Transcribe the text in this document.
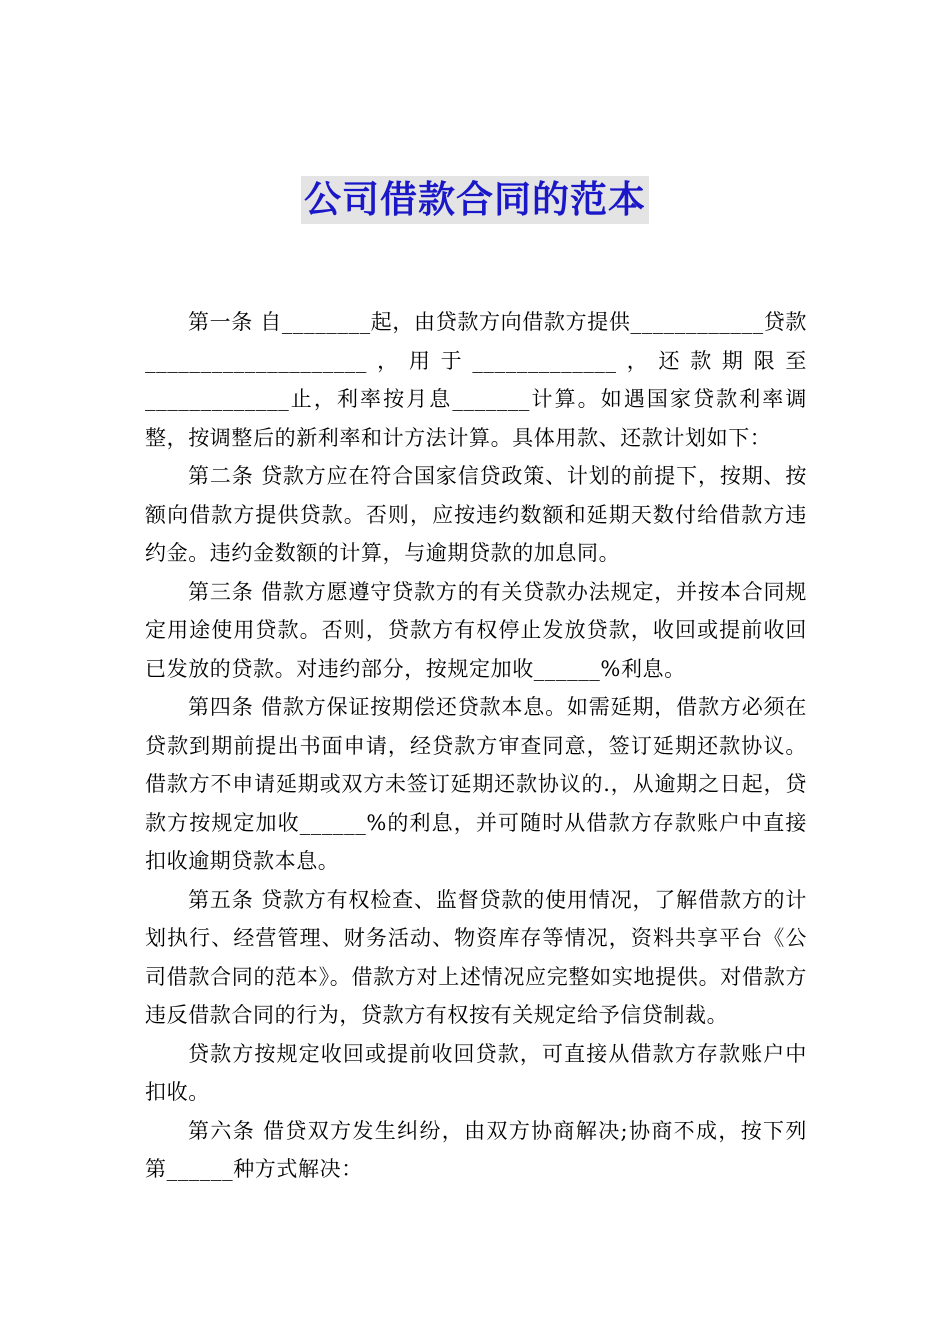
公司借款合同的范本

第一条 自________起，由贷款方向借款方提供____________贷款____________________，用于_____________，还款期限至_____________止，利率按月息_______计算。如遇国家贷款利率调整，按调整后的新利率和计方法计算。具体用款、还款计划如下：

第二条 贷款方应在符合国家信贷政策、计划的前提下，按期、按额向借款方提供贷款。否则，应按违约数额和延期天数付给借款方违约金。违约金数额的计算，与逾期贷款的加息同。

第三条 借款方愿遵守贷款方的有关贷款办法规定，并按本合同规定用途使用贷款。否则，贷款方有权停止发放贷款，收回或提前收回已发放的贷款。对违约部分，按规定加收______%利息。

第四条 借款方保证按期偿还贷款本息。如需延期，借款方必须在贷款到期前提出书面申请，经贷款方审查同意，签订延期还款协议。借款方不申请延期或双方未签订延期还款协议的.，从逾期之日起，贷款方按规定加收______%的利息，并可随时从借款方存款账户中直接扣收逾期贷款本息。

第五条 贷款方有权检查、监督贷款的使用情况，了解借款方的计划执行、经营管理、财务活动、物资库存等情况，资料共享平台《公司借款合同的范本》。借款方对上述情况应完整如实地提供。对借款方违反借款合同的行为，贷款方有权按有关规定给予信贷制裁。

贷款方按规定收回或提前收回贷款，可直接从借款方存款账户中扣收。

第六条 借贷双方发生纠纷，由双方协商解决;协商不成，按下列第______种方式解决：
